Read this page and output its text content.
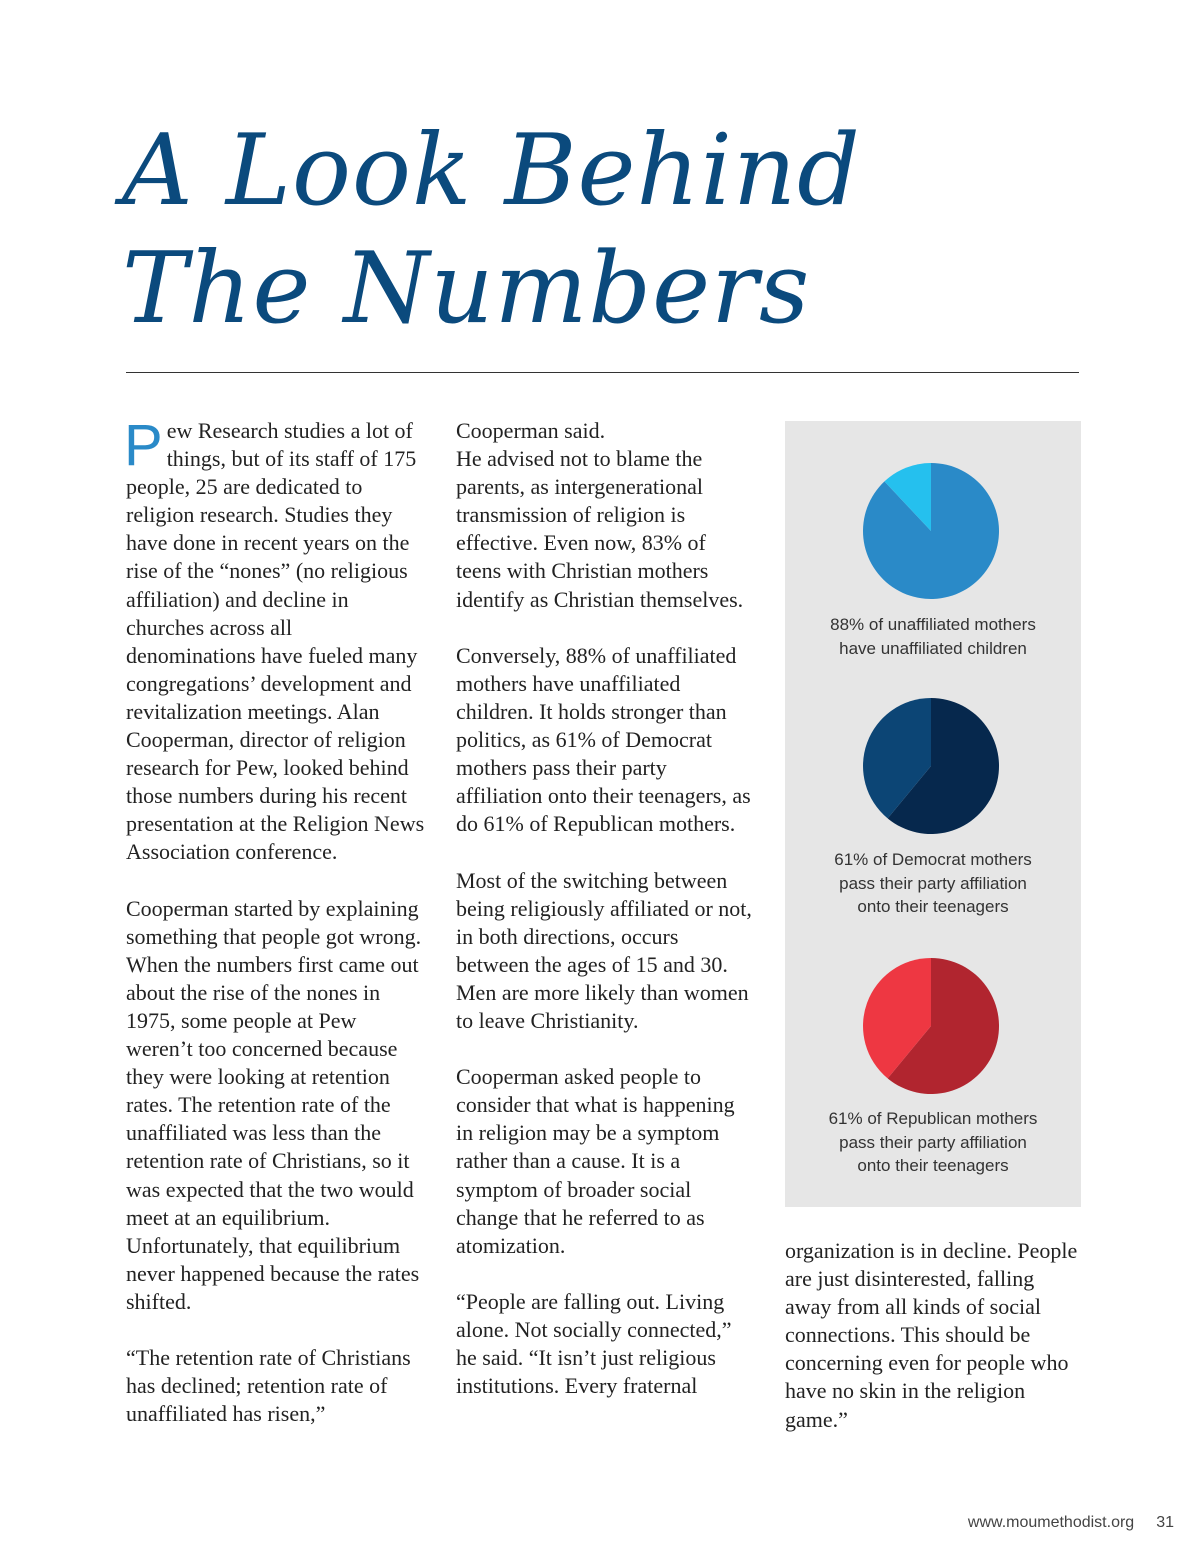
A Look Behind
The Numbers

Pew Research studies a lot of things, but of its staff of 175 people, 25 are dedicated to religion research. Studies they have done in recent years on the rise of the “nones” (no religious affiliation) and decline in churches across all denominations have fueled many congregations’ development and revitalization meetings. Alan Cooperman, director of religion research for Pew, looked behind those numbers during his recent presentation at the Religion News Association conference.

Cooperman started by explaining something that people got wrong. When the numbers first came out about the rise of the nones in 1975, some people at Pew weren’t too concerned because they were looking at retention rates. The retention rate of the unaffiliated was less than the retention rate of Christians, so it was expected that the two would meet at an equilibrium. Unfortunately, that equilibrium never happened because the rates shifted.

“The retention rate of Christians has declined; retention rate of unaffiliated has risen,”

Cooperman said.

He advised not to blame the parents, as intergenerational transmission of religion is effective. Even now, 83% of teens with Christian mothers identify as Christian themselves.

Conversely, 88% of unaffiliated mothers have unaffiliated children. It holds stronger than politics, as 61% of Democrat mothers pass their party affiliation onto their teenagers, as do 61% of Republican mothers.

Most of the switching between being religiously affiliated or not, in both directions, occurs between the ages of 15 and 30. Men are more likely than women to leave Christianity.

Cooperman asked people to consider that what is happening in religion may be a symptom rather than a cause. It is a symptom of broader social change that he referred to as atomization.

“People are falling out. Living alone. Not socially connected,” he said. “It isn’t just religious institutions. Every fraternal

88% of unaffiliated mothers
have unaffiliated children
61% of Democrat mothers
pass their party affiliation
onto their teenagers
61% of Republican mothers
pass their party affiliation
onto their teenagers

organization is in decline. People are just disinterested, falling away from all kinds of social connections. This should be concerning even for people who have no skin in the religion game.”

www.moumethodist.org 31
